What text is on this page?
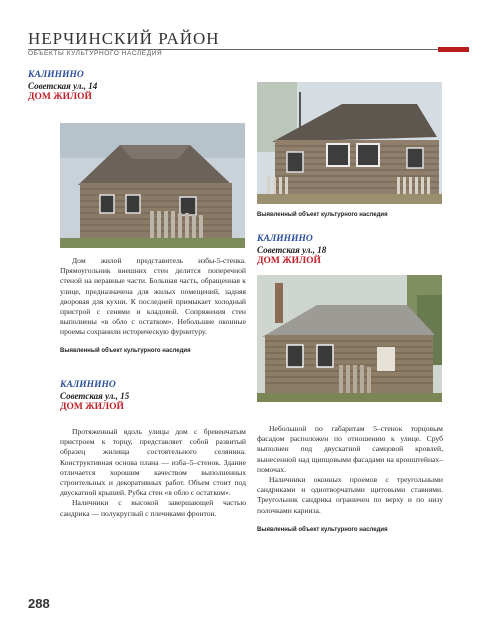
НЕРЧИНСКИЙ РАЙОН
ОБЪЕКТЫ КУЛЬТУРНОГО НАСЛЕДИЯ
КАЛИНИНО
Советская ул., 14
ДОМ ЖИЛОЙ
Выявленный объект культурного наследия
КАЛИНИНО
Советская ул., 18
ДОМ ЖИЛОЙ

Дом жилой представитель избы-5-стенка. Прямоугольник внешних стен делится поперечной стеной на неравные части. Большая часть, обращенная к улице, предназначена для жилых помещений, задняя дворовая для кухни. К последней примыкает холодный пристрой с сенями и кладовой. Сопряжения стен выполнены «в обло с остатком». Небольшие оконные проемы сохранили историческую фурнитуру.

Выявленный объект культурного наследия
КАЛИНИНО
Советская ул., 15
ДОМ ЖИЛОЙ

Небольшой по габаритам 5–стенок торцовым фасадом расположен по отношению к улице. Сруб выполнен под двускатной самцовой кровлей, вынесенной над щипцовыми фасадами на кронштейнах–помочах.

Наличники оконных проемов с треугольными сандриками и однотворчатыми щитовыми ставнями. Треугольник сандрика ограничен по верху и по низу полочками карниза.

Выявленный объект культурного наследия

Протяженный вдоль улицы дом с бревенчатым пристроем к торцу, представляет собой развитый образец жилища состоятельного селянина. Конструктивная основа плана — изба–5–стенок. Здание отличается хорошим качеством выполненных строительных и декоративных работ. Объем стоит под двускатной крышей. Рубка стен «в обло с остатком».

Наличники с высокой завершающей частью сандрика — полукруглый с плечиками фронтон.

288
